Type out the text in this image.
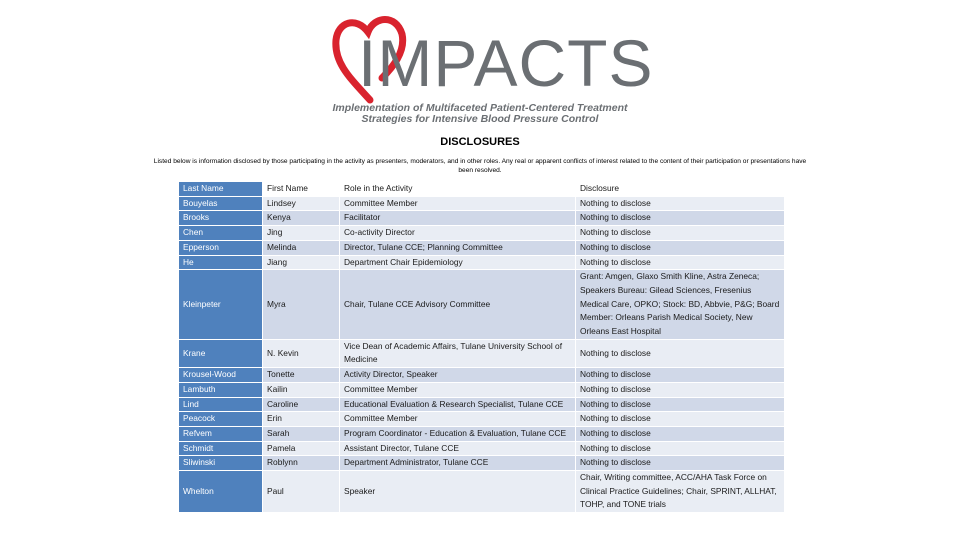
IMPACTS
Implementation of Multifaceted Patient-Centered Treatment
Strategies for Intensive Blood Pressure Control
DISCLOSURES
Listed below is information disclosed by those participating in the activity as presenters, moderators, and in other roles. Any real or apparent conflicts of interest related to the content of their participation or presentations have been resolved.
Last Name	First Name	Role in the Activity	Disclosure
Bouyelas	Lindsey	Committee Member	Nothing to disclose
Brooks	Kenya	Facilitator	Nothing to disclose
Chen	Jing	Co-activity Director	Nothing to disclose
Epperson	Melinda	Director, Tulane CCE; Planning Committee	Nothing to disclose
He	Jiang	Department Chair Epidemiology	Nothing to disclose
Kleinpeter	Myra	Chair, Tulane CCE Advisory Committee	Grant: Amgen, Glaxo Smith Kline, Astra Zeneca; Speakers Bureau: Gilead Sciences, Fresenius Medical Care, OPKO; Stock: BD, Abbvie, P&G; Board Member: Orleans Parish Medical Society, New Orleans East Hospital
Krane	N. Kevin	Vice Dean of Academic Affairs, Tulane University School of Medicine	Nothing to disclose
Krousel-Wood	Tonette	Activity Director, Speaker	Nothing to disclose
Lambuth	Kailin	Committee Member	Nothing to disclose
Lind	Caroline	Educational Evaluation & Research Specialist, Tulane CCE	Nothing to disclose
Peacock	Erin	Committee Member	Nothing to disclose
Refvem	Sarah	Program Coordinator - Education & Evaluation, Tulane CCE	Nothing to disclose
Schmidt	Pamela	Assistant Director, Tulane CCE	Nothing to disclose
Sliwinski	Roblynn	Department Administrator, Tulane CCE	Nothing to disclose
Whelton	Paul	Speaker	Chair, Writing committee, ACC/AHA Task Force on Clinical Practice Guidelines; Chair, SPRINT, ALLHAT, TOHP, and TONE trials
